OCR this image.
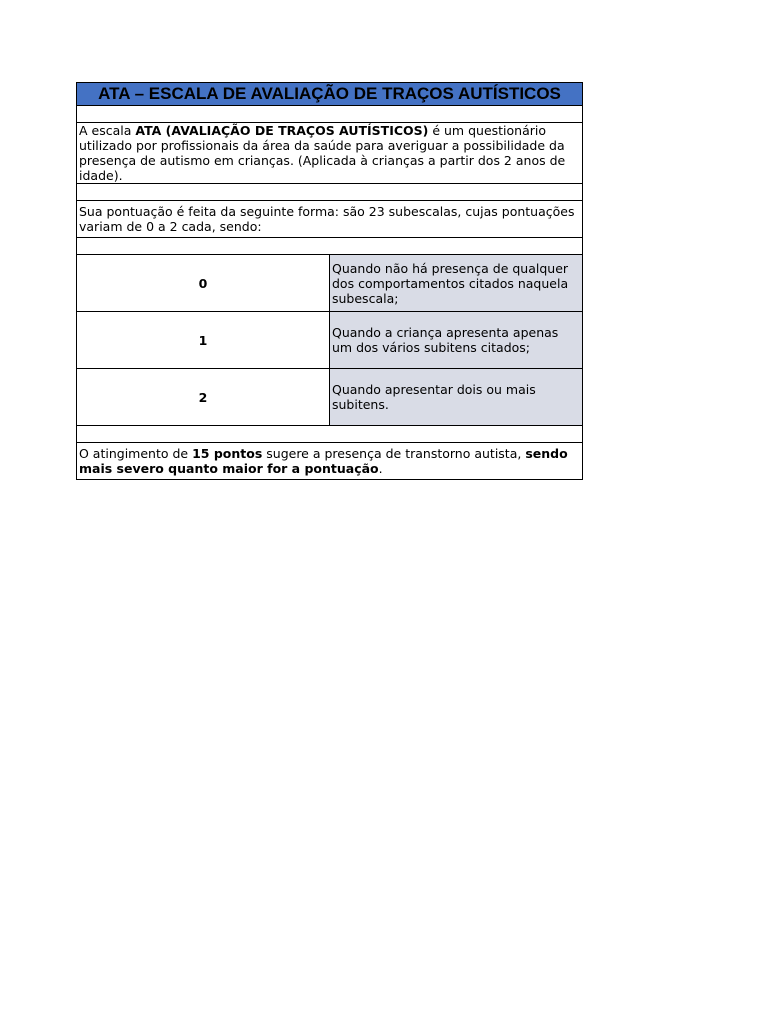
ATA – ESCALA DE AVALIAÇÃO DE TRAÇOS AUTÍSTICOS	

A escala ATA (AVALIAÇÃO DE TRAÇOS AUTÍSTICOS) é um questionário utilizado por profissionais da área da saúde para averiguar a possibilidade da presença de autismo em crianças. (Aplicada à crianças a partir dos 2 anos de idade).	

Sua pontuação é feita da seguinte forma: são 23 subescalas, cujas pontuações variam de 0 a 2 cada, sendo:	

0	Quando não há presença de qualquer dos comportamentos citados naquela subescala;
1	Quando a criança apresenta apenas um dos vários subitens citados;
2	Quando apresentar dois ou mais subitens.

O atingimento de 15 pontos sugere a presença de transtorno autista, sendo mais severo quanto maior for a pontuação.	
